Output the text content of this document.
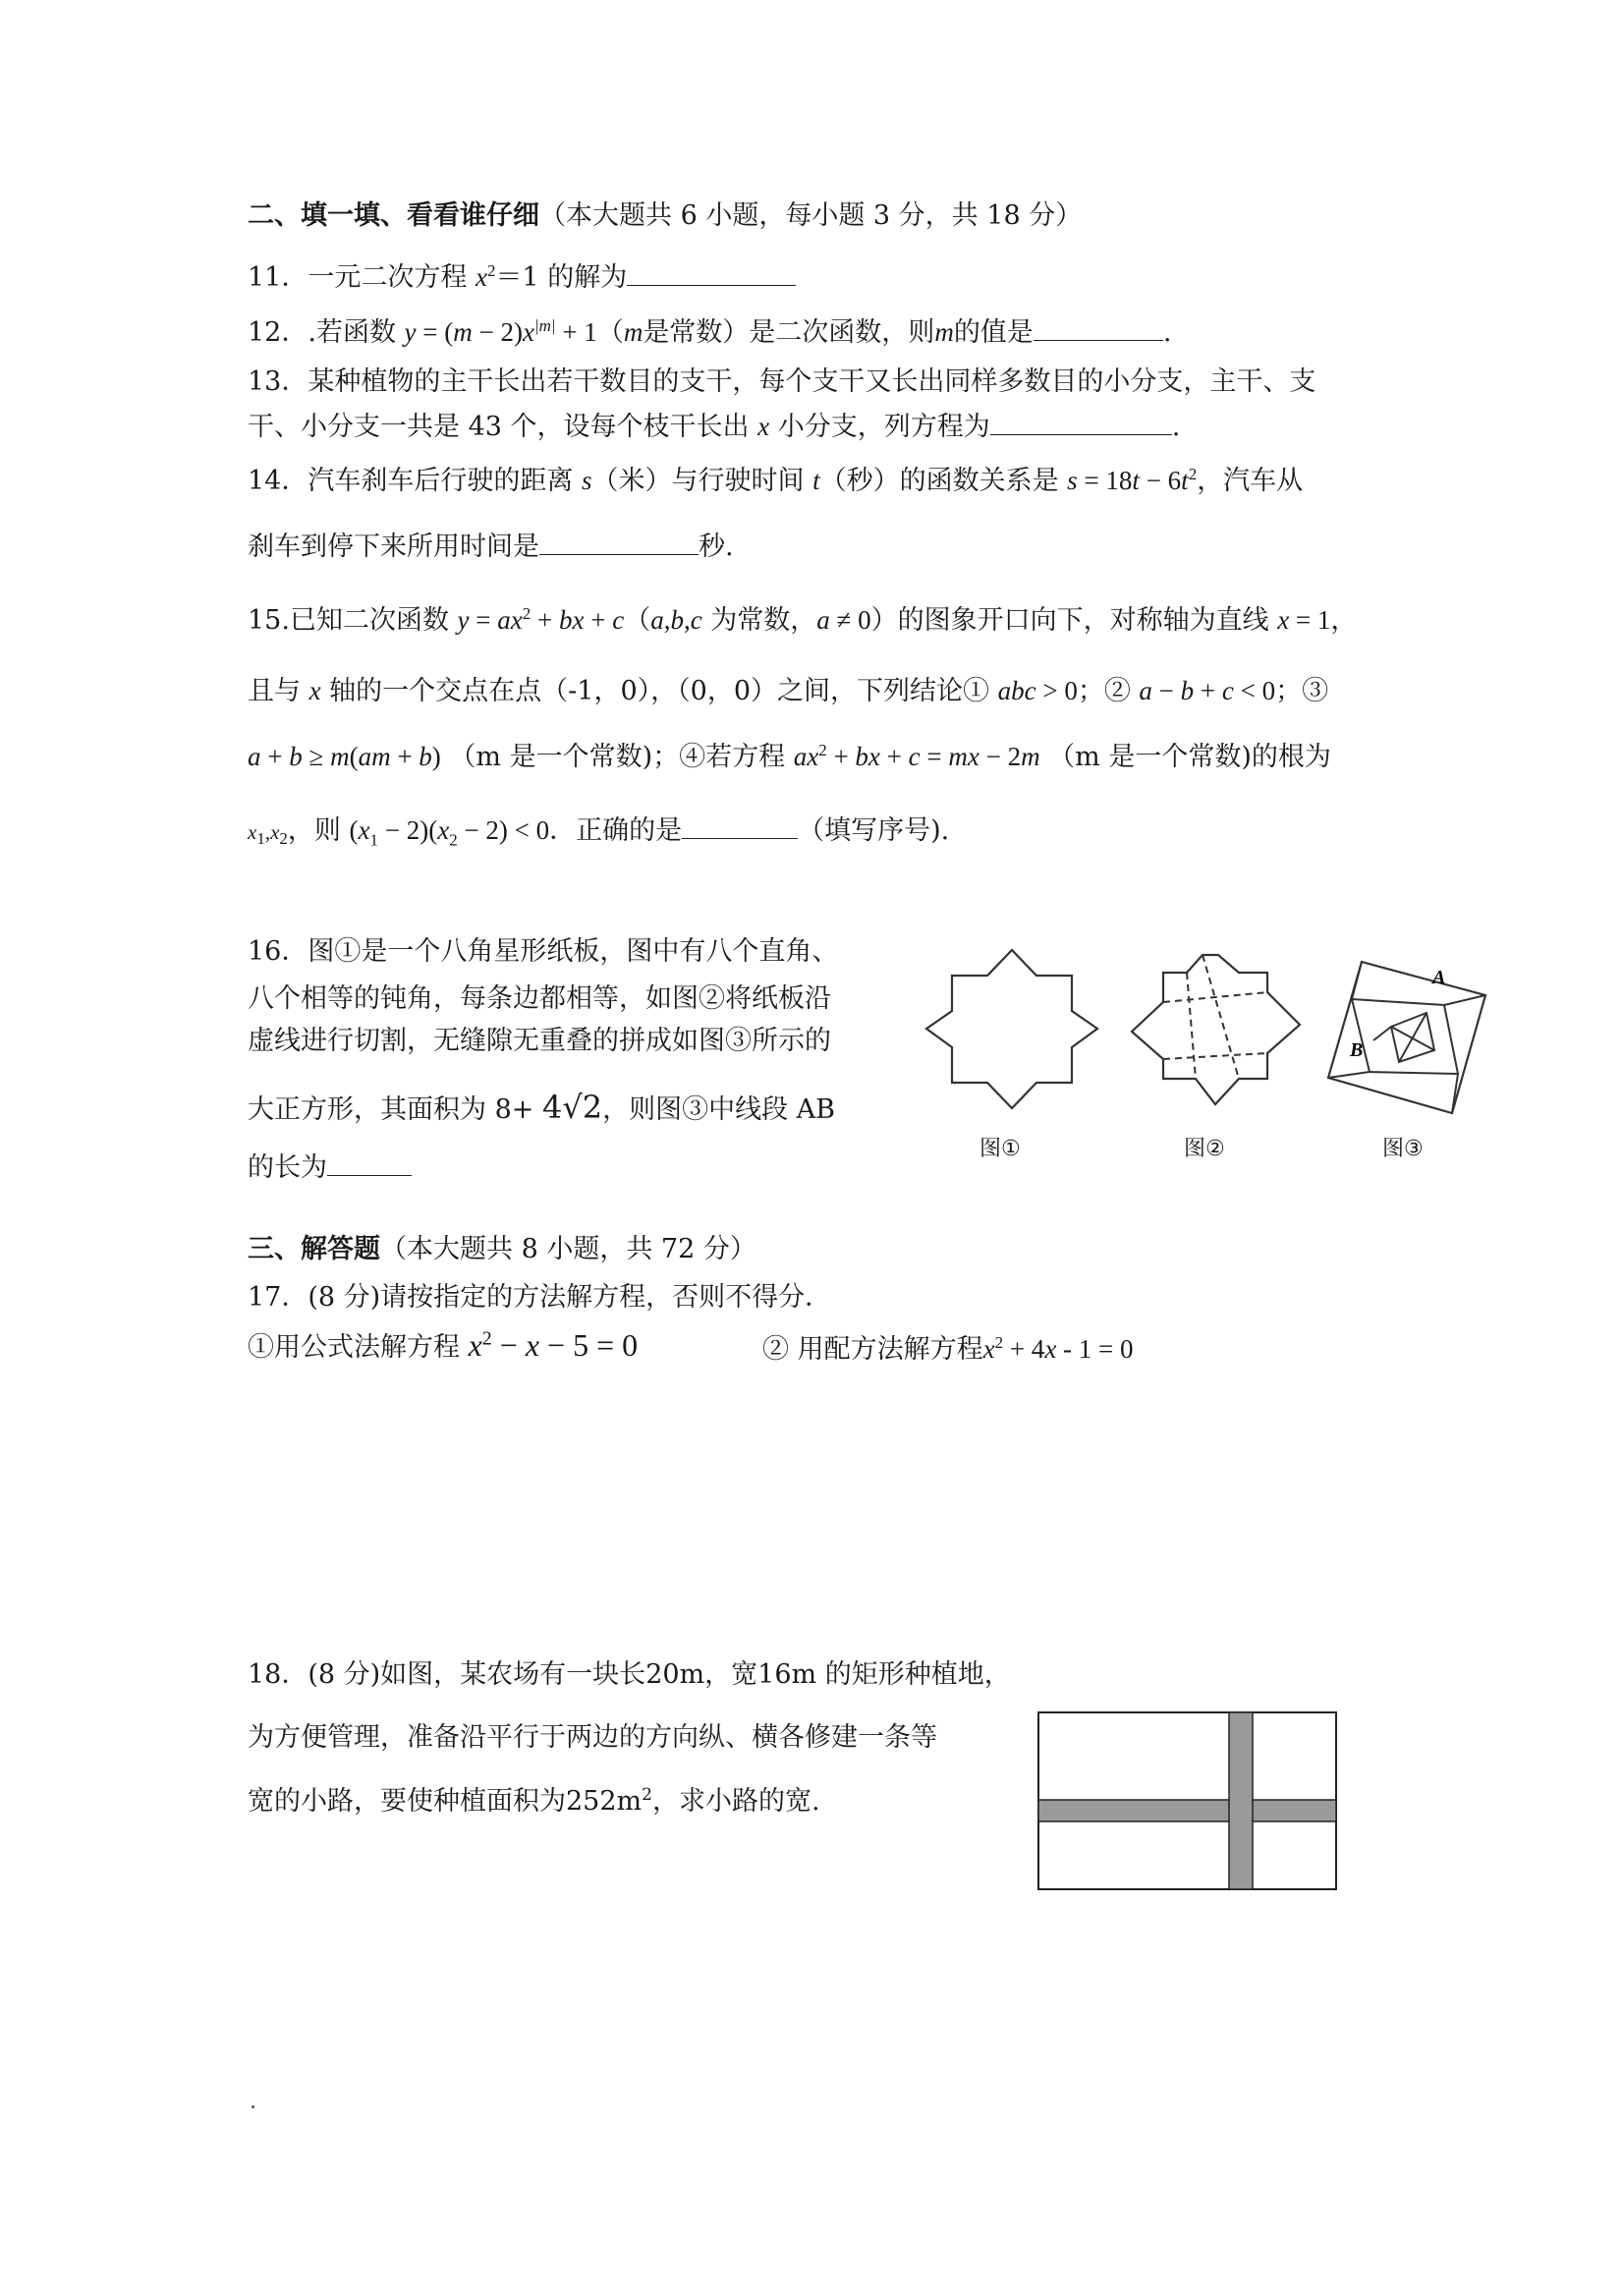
二、填一填、看看谁仔细（本大题共 6 小题，每小题 3 分，共 18 分）
11．一元二次方程 $x^2=1$ 的解为
12．.若函数 $y = (m - 2)x^{|m|} + 1(m$是常数）是二次函数，则m的值是	.
13．某种植物的主干长出若干数目的支干，每个支干又长出同样多数目的小分支，主干、支
干、小分支一共是 43 个，设每个枝干长出 x 小分支，列方程为	.
14．汽车刹车后行驶的距离 s（米）与行驶时间 t（秒）的函数关系是 $s = 18t - 6t^2$，汽车从
刹车到停下来所用时间是	秒.
15.已知二次函数 $y = ax^2$ + bx + c（a,b,c 为常数，a ≠ 0）的图象开口向下，对称轴为直线 x = 1，
且与 x 轴的一个交点在点（-1，0），（0，0）之间，下列结论① abc > 0；② a − b + c < 0；③
a + b ≥ m(am + b) （m 是一个常数)；④若方程 $ax^2$ + bx + c = mx − 2m （m 是一个常数)的根为
$x_1,x_2$，则 $(x_1 - 2)(x_2 - 2) < 0$．正确的是	（填写序号).
16．图①是一个八角星形纸板，图中有八个直角、
八个相等的钝角，每条边都相等，如图②将纸板沿
虚线进行切割，无缝隙无重叠的拼成如图③所示的
大正方形，其面积为 8+ 4√2，则图③中线段 AB
的长为
图①	图②
A
B
图③
三、解答题（本大题共 8 小题，共 72 分）
17．(8 分)请按指定的方法解方程，否则不得分．
①用公式法解方程 $x^2 - x - 5 = 0$	② 用配方法解方程$x^2 + 4x - 1 = 0$
18．(8 分)如图，某农场有一块长20m，宽16m 的矩形种植地，
为方便管理，准备沿平行于两边的方向纵、横各修建一条等
宽的小路，要使种植面积为$252m^2$，求小路的宽.
